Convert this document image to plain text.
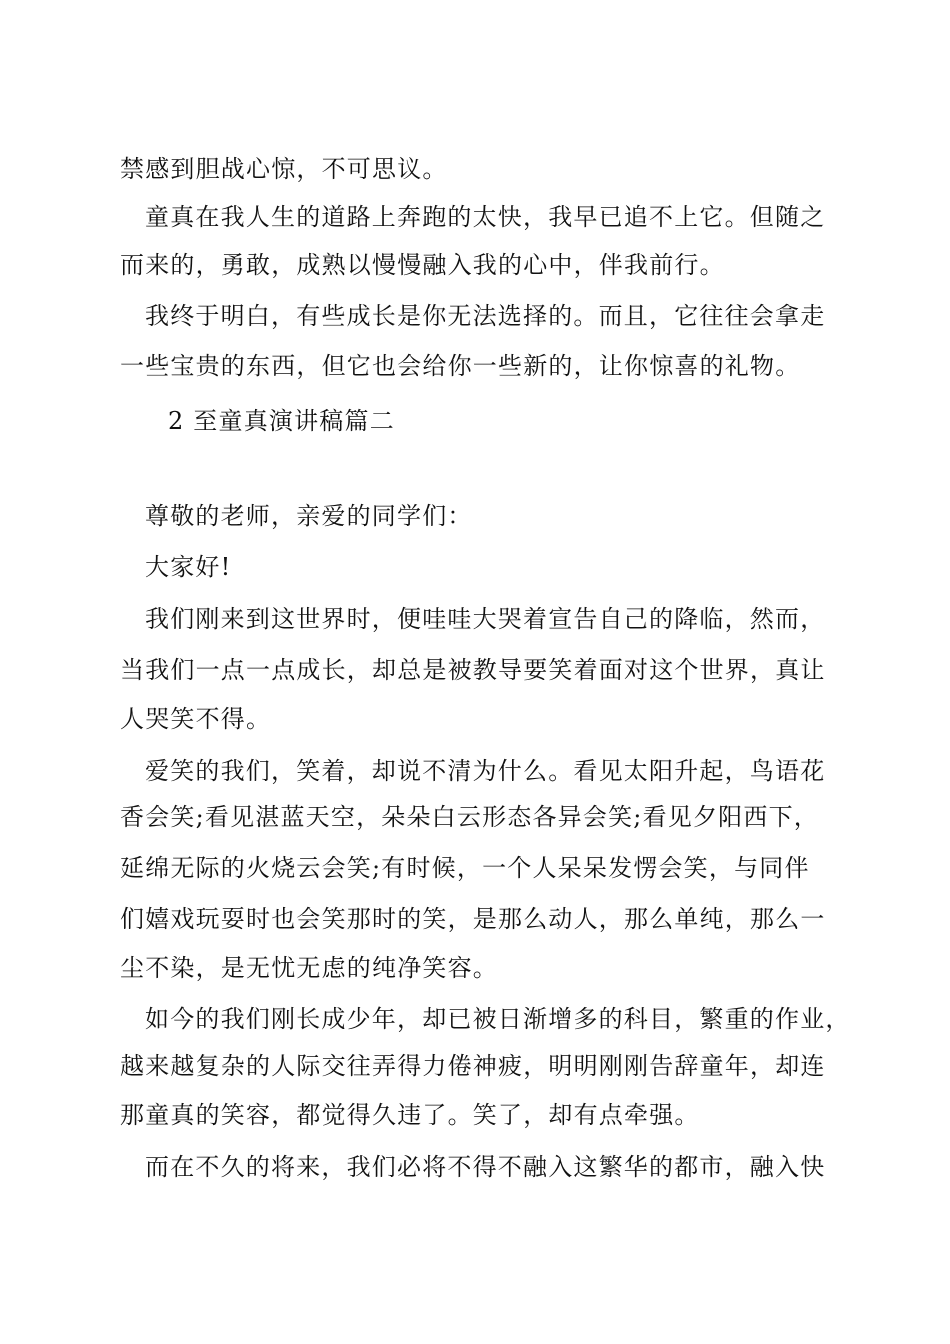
禁感到胆战心惊，不可思议。
童真在我人生的道路上奔跑的太快，我早已追不上它。但随之
而来的，勇敢，成熟以慢慢融入我的心中，伴我前行。
我终于明白，有些成长是你无法选择的。而且，它往往会拿走
一些宝贵的东西，但它也会给你一些新的，让你惊喜的礼物。
2 至童真演讲稿篇二
尊敬的老师，亲爱的同学们：
大家好!
我们刚来到这世界时，便哇哇大哭着宣告自己的降临，然而，
当我们一点一点成长，却总是被教导要笑着面对这个世界，真让
人哭笑不得。
爱笑的我们，笑着，却说不清为什么。看见太阳升起，鸟语花
香会笑;看见湛蓝天空，朵朵白云形态各异会笑;看见夕阳西下，
延绵无际的火烧云会笑;有时候，一个人呆呆发愣会笑，与同伴
们嬉戏玩耍时也会笑那时的笑，是那么动人，那么单纯，那么一
尘不染，是无忧无虑的纯净笑容。
如今的我们刚长成少年，却已被日渐增多的科目，繁重的作业，
越来越复杂的人际交往弄得力倦神疲，明明刚刚告辞童年，却连
那童真的笑容，都觉得久违了。笑了，却有点牵强。
而在不久的将来，我们必将不得不融入这繁华的都市，融入快
